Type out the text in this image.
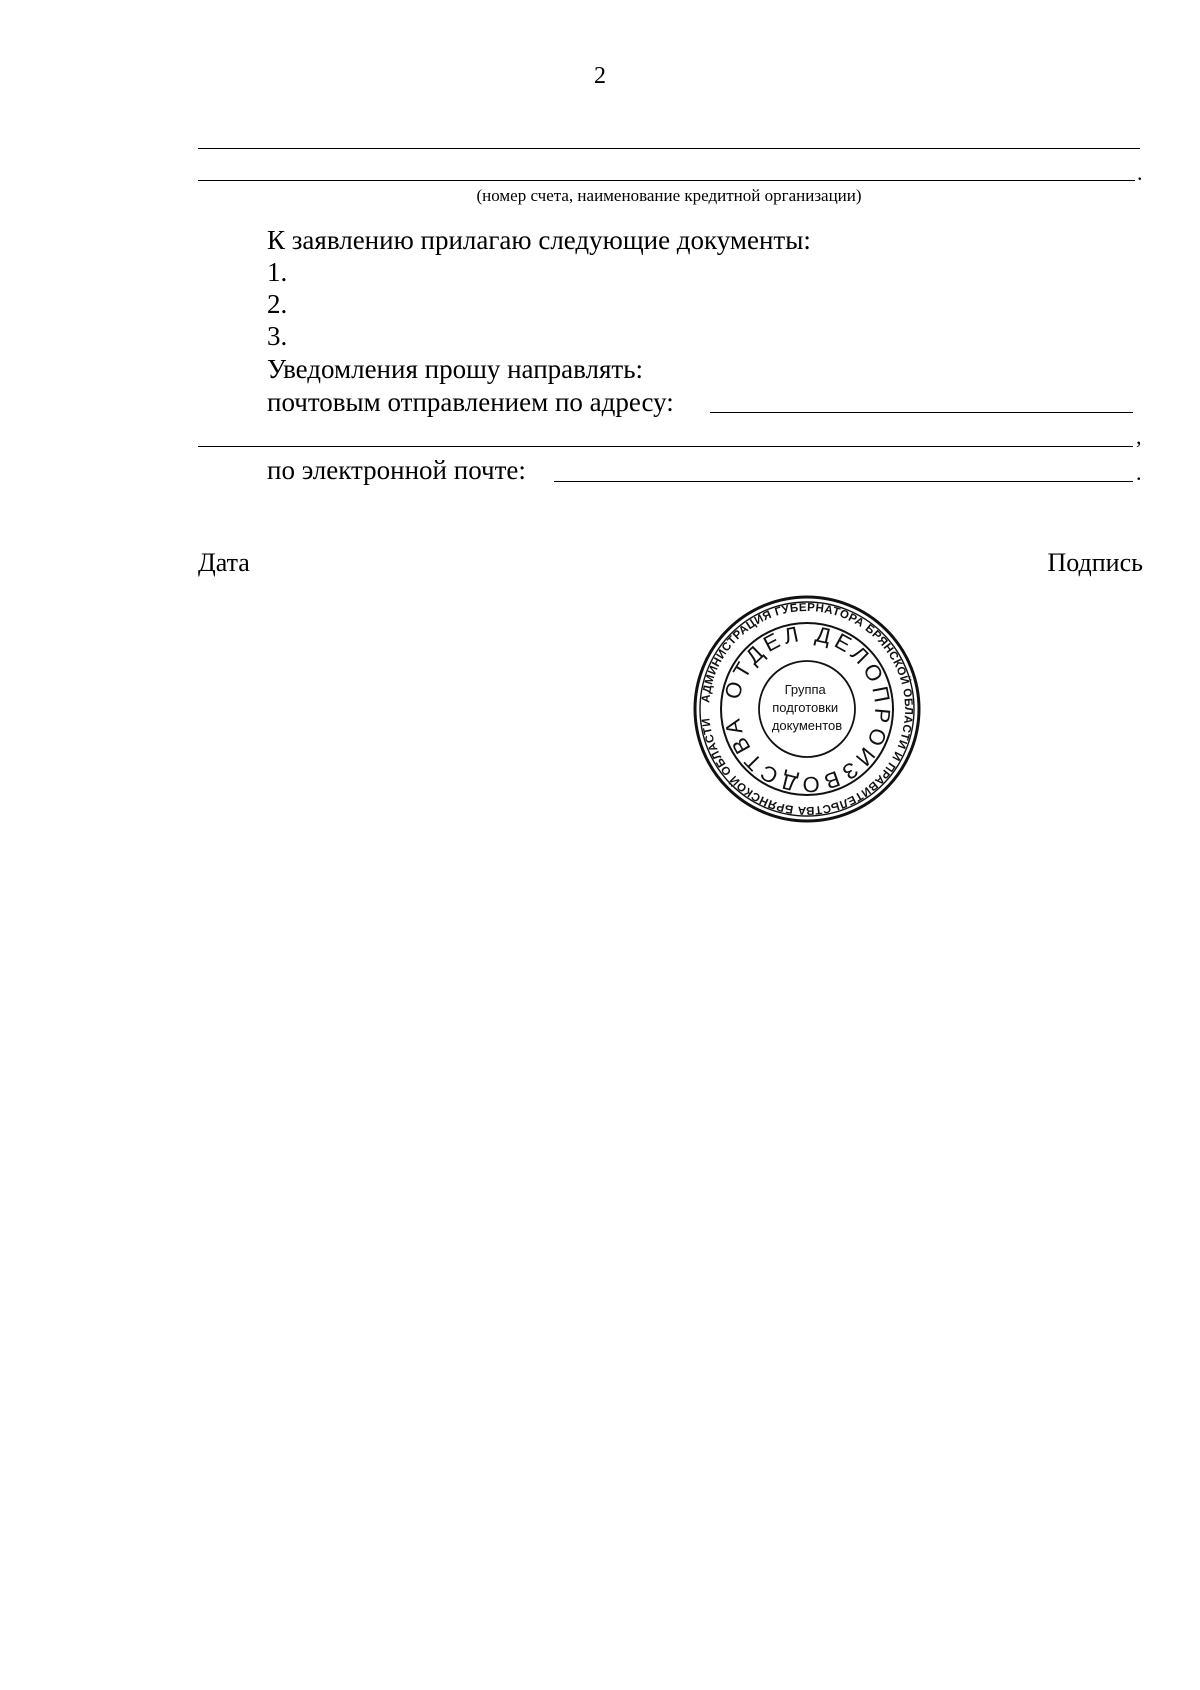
2
.
(номер счета, наименование кредитной организации)
К заявлению прилагаю следующие документы:
1.
2.
3.
Уведомления прошу направлять:
почтовым отправлением по адресу:
,
по электронной почте:	.
Дата	Подпись
АДМИНИСТРАЦИЯ ГУБЕРНАТОРА БРЯНСКОЙ ОБЛАСТИ И ПРАВИТЕЛЬСТВА БРЯНСКОЙ ОБЛАСТИ
ОТДЕЛ ДЕЛОПРОИЗВОДСТВА
Группа подготовки документов
